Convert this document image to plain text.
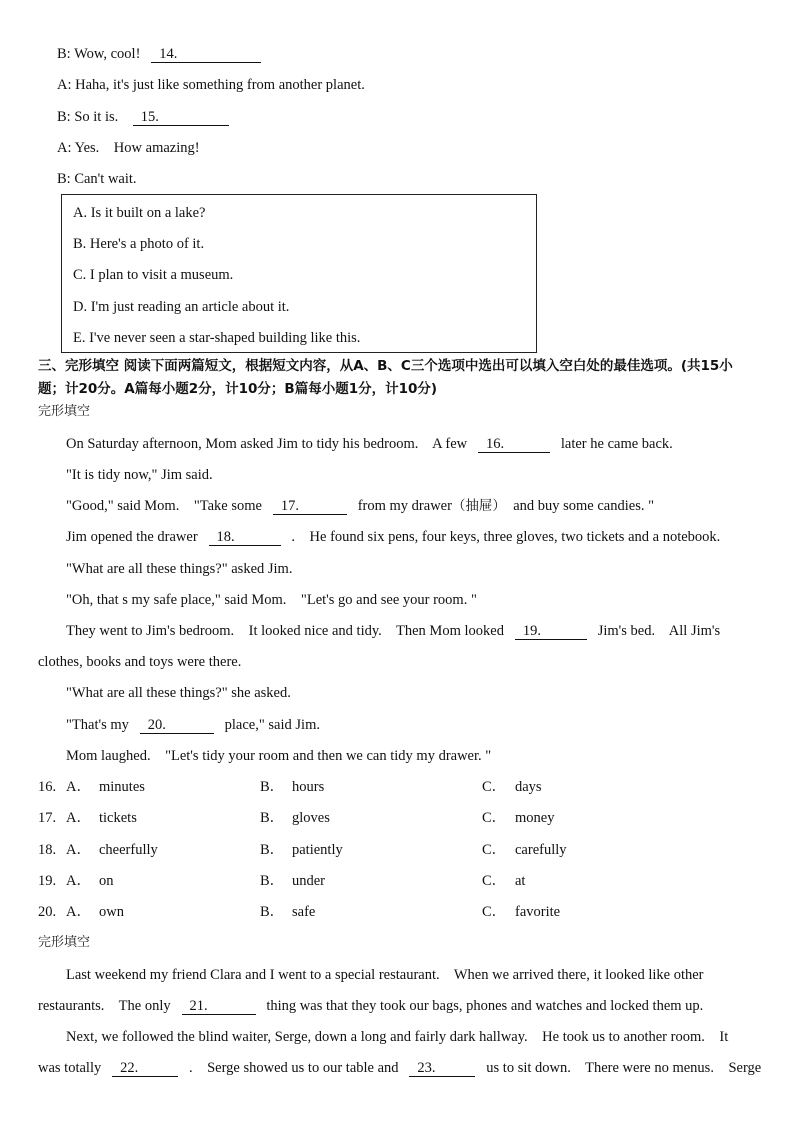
B: Wow, cool! 14.
A: Haha, it's just like something from another planet.
B: So it is. 15.
A: Yes.    How amazing!
B: Can't wait.
A. Is it built on a lake?
B. Here's a photo of it.
C. I plan to visit a museum.
D. I'm just reading an article about it.
E. I've never seen a star-shaped building like this.
三、完形填空 阅读下面两篇短文，根据短文内容，从A、B、C三个选项中选出可以填入空白处的最佳选项。(共15小题；计20分。A篇每小题2分，计10分；B篇每小题1分，计10分)
完形填空
On Saturday afternoon, Mom asked Jim to tidy his bedroom.    A few 16.	later he came back.
"It is tidy now," Jim said.
"Good," said Mom.    "Take some 17.	from my drawer（抽屉） and buy some candies. "
Jim opened the drawer 18.	.    He found six pens, four keys, three gloves, two tickets and a notebook.
"What are all these things?" asked Jim.
"Oh, that s my safe place," said Mom.    "Let's go and see your room. "
They went to Jim's bedroom.    It looked nice and tidy.    Then Mom looked 19.	Jim's bed.    All Jim's
clothes, books and toys were there.
"What are all these things?" she asked.
"That's my 20.	place," said Jim.
Mom laughed.    "Let's tidy your room and then we can tidy my drawer. "
16. A． minutes	B． hours	C． days
17. A． tickets	B． gloves	C． money
18. A． cheerfully	B． patiently	C． carefully
19. A． on	B． under	C． at
20. A． own	B． safe	C． favorite
完形填空
Last weekend my friend Clara and I went to a special restaurant.    When we arrived there, it looked like other
restaurants.    The only 21.	thing was that they took our bags, phones and watches and locked them up.
Next, we followed the blind waiter, Serge, down a long and fairly dark hallway.    He took us to another room.    It
was totally 22.	.    Serge showed us to our table and 23.	us to sit down.    There were no menus.    Serge
